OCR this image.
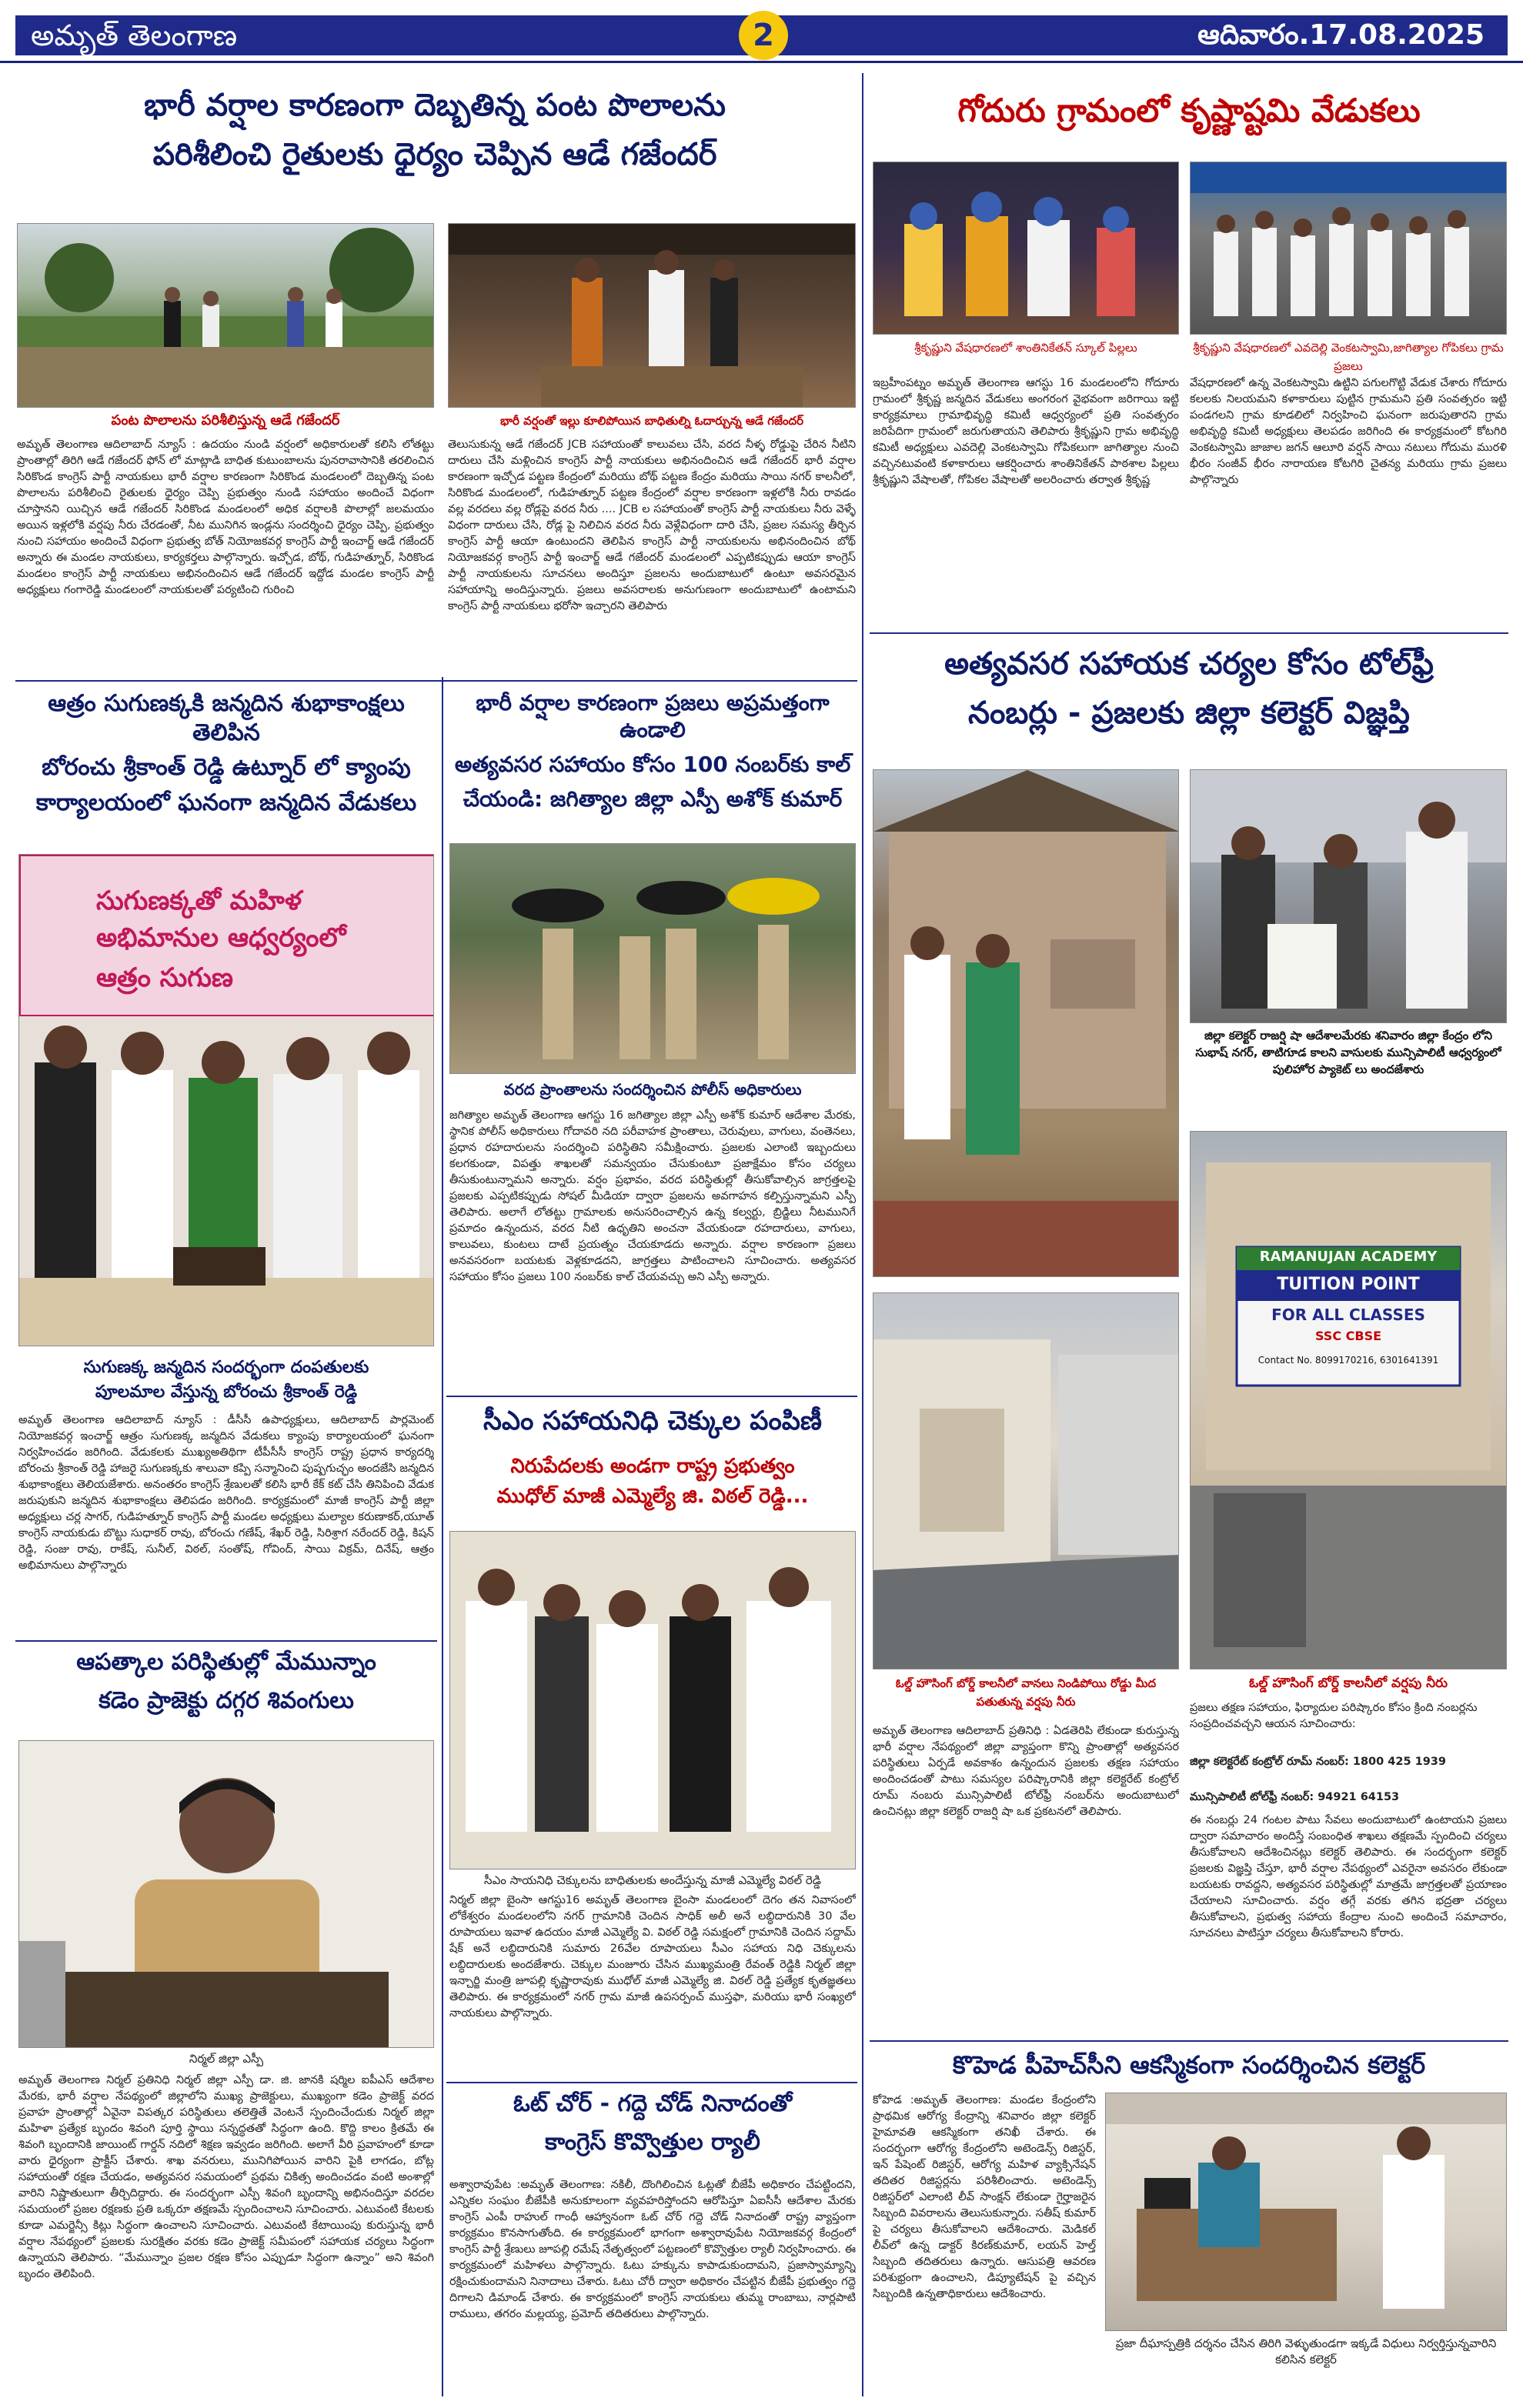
అమృత్ తెలంగాణ	2	ఆదివారం.17.08.2025
భారీ వర్షాల కారణంగా దెబ్బతిన్న పంట పొలాలను
పరిశీలించి రైతులకు ధైర్యం చెప్పిన ఆడే గజేందర్
పంట పొలాలను పరిశీలిస్తున్న ఆడే గజేందర్	భారీ వర్షంతో ఇల్లు కూలిపోయిన బాధితుల్ని ఓదార్చున్న ఆడే గజేందర్
అమృత్ తెలంగాణ ఆదిలాబాద్ న్యూస్ : ఉదయం నుండి వర్షంలో అధికారులతో కలిసి లోతట్టు ప్రాంతాల్లో తిరిగి ఆడే గజేందర్ ఫోన్ లో మాట్లాడి బాధిత కుటుంబాలను పునరావాసానికి తరలించిన సిరికొండ కాంగ్రెస్ పార్టీ నాయకులు భారీ వర్షాల కారణంగా సిరికొండ మండలంలో దెబ్బతిన్న పంట పొలాలను పరిశీలించి రైతులకు ధైర్యం చెప్పి ప్రభుత్వం నుండి సహాయం అందించే విధంగా చూస్తానని యిచ్చిన ఆడే గజేందర్ సిరికొండ మండలంలో అధిక వర్షాలకి పొలాల్లో జలమయం అయిన ఇళ్లలోకి వర్షపు నీరు చేరడంతో, నీట మునిగిన ఇండ్లను సందర్శించి ధైర్యం చెప్పి, ప్రభుత్వం నుంచి సహాయం అందించే విధంగా ప్రభుత్వ బోత్ నియోజకవర్గ కాంగ్రెస్ పార్టీ ఇంచార్జ్ ఆడే గజేందర్ అన్నారు ఈ మండల నాయకులు, కార్యకర్తలు పాల్గొన్నారు. ఇచ్చోడ, బోథ్, గుడిహత్నూర్, సిరికొండ మండలం కాంగ్రెస్ పార్టీ నాయకులు అభినందించిన ఆడే గజేందర్ ఇద్దోడ మండల కాంగ్రెస్ పార్టీ అధ్యక్షులు గంగారెడ్డి మండలంలో నాయకులతో పర్యటించి గురించి
తెలుసుకున్న ఆడే గజేందర్ JCB సహాయంతో కాలువలు చేసి, వరద నీళ్ళ రోడ్డుపై చేరిన నీటిని దారులు చేసి మళ్లించిన కాంగ్రెస్ పార్టీ నాయకులు అభినందించిన ఆడే గజేందర్ భారీ వర్షాల కారణంగా ఇచ్చోడ పట్టణ కేంద్రంలో మరియు బోథ్ పట్టణ కేంద్రం మరియు సాయి నగర్ కాలనీలో, సిరికొండ మండలంలో, గుడిహత్నూర్ పట్టణ కేంద్రంలో వర్షాల కారణంగా ఇళ్లలోకి నీరు రావడం వల్ల వరదలు వల్ల రోడ్లపై వరద నీరు .... JCB ల సహాయంతో కాంగ్రెస్ పార్టీ నాయకులు నీరు వెళ్ళే విధంగా దారులు చేసి, రోడ్ల పై నిలిచిన వరద నీరు వెళ్లేవిధంగా దారి చేసి, ప్రజల సమస్య తీర్చిన కాంగ్రెస్ పార్టీ ఆయా ఉంటుందని తెలిపిన కాంగ్రెస్ పార్టీ నాయకులను అభినందించిన బోథ్ నియోజకవర్గ కాంగ్రెస్ పార్టీ ఇంచార్జ్ ఆడే గజేందర్ మండలంలో ఎప్పటికప్పుడు ఆయా కాంగ్రెస్ పార్టీ నాయకులను సూచనలు అందిస్తూ ప్రజలను అందుబాటులో ఉంటూ అవసరమైన సహాయాన్ని అందిస్తున్నారు. ప్రజలు అవసరాలకు అనుగుణంగా అందుబాటులో ఉంటామని కాంగ్రెస్ పార్టీ నాయకులు భరోసా ఇచ్చారని తెలిపారు
గోదురు గ్రామంలో కృష్ణాష్టమి వేడుకలు
శ్రీకృష్ణుని వేషధారణలో శాంతినికేతన్ స్కూల్ పిల్లలు	శ్రీకృష్ణుని వేషధారణలో ఎవదెల్లి వెంకటస్వామి,జాగిత్యాల గోపికలు గ్రామ ప్రజలు
ఇబ్రహీంపట్నం అమృత్ తెలంగాణ ఆగస్టు 16 మండలంలోని గోదూరు గ్రామంలో శ్రీకృష్ణ జన్మదిన వేడుకలు అంగరంగ వైభవంగా జరిగాయి ఇట్టి కార్యక్రమాలు గ్రామాభివృద్ధి కమిటీ ఆధ్వర్యంలో ప్రతి సంవత్సరం జరిపేదిగా గ్రామంలో జరుగుతాయని తెలిపారు శ్రీకృష్ణుని గ్రామ అభివృద్ధి కమిటీ అధ్యక్షులు ఎవదెల్లి వెంకటస్వామి గోపికలుగా జాగిత్యాల నుంచి వచ్చినటువంటి కళాకారులు ఆకర్షించారు శాంతినికేతన్ పాఠశాల పిల్లలు శ్రీకృష్ణుని వేషాలతో, గోపికల వేషాలతో అలరించారు తర్వాత శ్రీకృష్ణ
వేషధారణలో ఉన్న వెంకటస్వామి ఉట్టిని పగులగొట్టి వేడుక చేశారు గోదూరు కలలకు నిలయమని కళాకారులు పుట్టిన గ్రామమని ప్రతి సంవత్సరం ఇట్టి పండగలని గ్రామ కూడలిలో నిర్వహించి ఘనంగా జరుపుతారని గ్రామ అభివృద్ధి కమిటీ అధ్యక్షులు తెలపడం జరిగింది ఈ కార్యక్రమంలో కోటగిరి వెంకటస్వామి జాజాల జగన్ ఆలూరి వర్షన్ సాయి నటులు గోదుమ మురళి భీరం సంజీవ్ భీరం నారాయణ కోటగిరి చైతన్య మరియు గ్రామ ప్రజలు పాల్గొన్నారు
అత్యవసర సహాయక చర్యల కోసం టోల్‌ఫ్రీ
నంబర్లు - ప్రజలకు జిల్లా కలెక్టర్ విజ్ఞప్తి
జిల్లా కలెక్టర్ రాజర్షి షా ఆదేశాలమేరకు శనివారం జిల్లా కేంద్రం లోని సుభాష్ నగర్, తాటిగూడ కాలని వాసులకు మున్సిపాలిటీ ఆధ్వర్యంలో పులిహోర ప్యాకెట్ లు అందజేశారు
RAMANUJAN ACADEMY
TUITION POINT
FOR ALL CLASSES
SSC CBSE
Contact No. 8099170216, 6301641391
ఓల్డ్ హౌసింగ్ బోర్డ్ కాలనీలో వర్షపు నీరు
ఓల్డ్ హౌసింగ్ బోర్డ్ కాలనీలో వానలు నిండిపోయి రోడ్డు మీద పతుతున్న వర్షపు నీరు	ప్రజలు తక్షణ సహాయం, ఫిర్యాదుల పరిష్కారం కోసం క్రింది నంబర్లను సంప్రదించవచ్చని ఆయన సూచించారు:
జిల్లా కలెక్టరేట్ కంట్రోల్ రూమ్ నంబర్: 1800 425 1939
మున్సిపాలిటీ టోల్‌ఫ్రీ నంబర్: 94921 64153
అమృత్ తెలంగాణ ఆదిలాబాద్ ప్రతినిధి : ఏడతెరిపి లేకుండా కురుస్తున్న భారీ వర్షాల నేపథ్యంలో జిల్లా వ్యాప్తంగా కొన్ని ప్రాంతాల్లో అత్యవసర పరిస్థితులు ఏర్పడే అవకాశం ఉన్నందున ప్రజలకు తక్షణ సహాయం అందించడంతో పాటు సమస్యల పరిష్కారానికి జిల్లా కలెక్టరేట్ కంట్రోల్ రూమ్ నంబరు మున్సిపాలిటీ టోల్‌ఫ్రీ నంబర్‌ను అందుబాటులో ఉంచినట్లు జిల్లా కలెక్టర్ రాజర్షి షా ఒక ప్రకటనలో తెలిపారు.
ఈ నంబర్లు 24 గంటల పాటు సేవలు అందుబాటులో ఉంటాయని ప్రజలు ద్వారా సమాచారం అందిస్తే సంబంధిత శాఖలు తక్షణమే స్పందించి చర్యలు తీసుకోవాలని ఆదేశించినట్లు కలెక్టర్ తెలిపారు. ఈ సందర్భంగా కలెక్టర్ ప్రజలకు విజ్ఞప్తి చేస్తూ, భారీ వర్షాల నేపథ్యంలో ఎవరైనా అవసరం లేకుండా బయటకు రావద్దని, అత్యవసర పరిస్థితుల్లో మాత్రమే జాగ్రత్తలతో ప్రయాణం చేయాలని సూచించారు. వర్షం తగ్గే వరకు తగిన భద్రతా చర్యలు తీసుకోవాలని, ప్రభుత్వ సహాయ కేంద్రాల నుంచి అందించే సమాచారం, సూచనలు పాటిస్తూ చర్యలు తీసుకోవాలని కోరారు.
కొహెడ పీహెచ్‌సీని ఆకస్మికంగా సందర్శించిన కలెక్టర్
కోహెడ :అమృత్ తెలంగాణ: మండల కేంద్రంలోని ప్రాథమిక ఆరోగ్య కేంద్రాన్ని శనివారం జిల్లా కలెక్టర్ హైమావతి ఆకస్మికంగా తనిఖీ చేశారు. ఈ సందర్భంగా ఆరోగ్య కేంద్రంలోని అటెండెన్స్ రిజిస్టర్, ఇన్ పేషెంట్ రిజిస్టర్, ఆరోగ్య మహిళ వ్యాక్సినేషన్ తదితర రిజిస్టర్లను పరిశీలించారు. అటెండెన్స్ రిజిస్టర్‌లో ఎలాంటి లీవ్ సాంక్షన్ లేకుండా గైర్హాజరైన సిబ్బంది వివరాలను తెలుసుకున్నారు. సతీష్ కుమార్ పై చర్యలు తీసుకోవాలని ఆదేశించారు. మెడికల్ లీవ్‌లో ఉన్న డాక్టర్ కిరణ్‌కుమార్, లయన్ హెల్త్ సిబ్బంది తదితరులు ఉన్నారు. ఆసుపత్రి ఆవరణ పరిశుభ్రంగా ఉంచాలని, డిప్యూటేషన్ పై వచ్చిన సిబ్బందికి ఉన్నతాధికారులు ఆదేశించారు.
ప్రజా దీఘాస్పత్రికి దర్శనం చేసిన తిరిగి వెళ్ళుతుండగా ఇక్కడే విధులు నిర్వర్తిస్తున్నవారిని కలిసిన కలెక్టర్
ఆత్రం సుగుణక్కకి జన్మదిన శుభాకాంక్షలు తెలిపిన
బోరంచు శ్రీకాంత్ రెడ్డి ఉట్నూర్ లో క్యాంపు
కార్యాలయంలో ఘనంగా జన్మదిన వేడుకలు
సుగుణక్కతో మహిళ అభిమానుల ఆధ్వర్యంలో
ఆత్రం సుగుణ
సుగుణక్క జన్మదిన సందర్భంగా దంపతులకు
పూలమాల వేస్తున్న బోరంచు శ్రీకాంత్ రెడ్డి
అమృత్ తెలంగాణ ఆదిలాబాద్ న్యూస్ : డీసీసీ ఉపాధ్యక్షులు, ఆదిలాబాద్ పార్లమెంట్ నియోజకవర్గ ఇంచార్జ్ ఆత్రం సుగుణక్క జన్మదిన వేడుకలు క్యాంపు కార్యాలయంలో ఘనంగా నిర్వహించడం జరిగింది. వేడుకలకు ముఖ్యఅతిథిగా టీపీసీసీ కాంగ్రెస్ రాష్ట్ర ప్రధాన కార్యదర్శి బోరంచు శ్రీకాంత్ రెడ్డి హాజరై సుగుణక్కకు శాలువా కప్పి సన్మానించి పుష్పగుచ్ఛం అందజేసి జన్మదిన శుభాకాంక్షలు తెలియజేశారు. అనంతరం కాంగ్రెస్ శ్రేణులతో కలిసి భారీ కేక్ కట్ చేసి తినిపించి వేడుక జరుపుకుని జన్మదిన శుభాకాంక్షలు తెలిపడం జరిగింది. కార్యక్రమంలో మాజీ కాంగ్రెస్ పార్టీ జిల్లా అధ్యక్షులు చర్ల సాగర్, గుడిహత్నూర్ కాంగ్రెస్ పార్టీ మండల అధ్యక్షులు మల్యాల కరుణాకర్,యూత్ కాంగ్రెస్ నాయకుడు బొట్టు సుధాకర్ రావు, బోరంచు గణేష్, శేఖర్ రెడ్డి, సిరిశ్రాగ నరేందర్ రెడ్డి, కిషన్ రెడ్డి, సంజు రావు, రాకేష్, సునీల్, విఠల్, సంతోష్, గోవింద్, సాయి విక్రమ్, దినేష్, ఆత్రం అభిమానులు పాల్గొన్నారు
ఆపత్కాల పరిస్థితుల్లో మేమున్నాం
కడెం ప్రాజెక్టు దగ్గర శివంగులు
నిర్మల్ జిల్లా ఎస్పీ
అమృత్ తెలంగాణ నిర్మల్ ప్రతినిధి నిర్మల్ జిల్లా ఎస్పీ డా. జి. జానకి షర్మిల ఐపీఎస్ ఆదేశాల మేరకు, భారీ వర్షాల నేపథ్యంలో జిల్లాలోని ముఖ్య ప్రాజెక్టులు, ముఖ్యంగా కడెం ప్రాజెక్ట్ వరద ప్రవాహ ప్రాంతాల్లో ఏవైనా విపత్కర పరిస్థితులు తలెత్తితే వెంటనే స్పందించేందుకు నిర్మల్ జిల్లా మహిళా ప్రత్యేక బృందం శివంగి పూర్తి స్థాయి సన్నద్ధతతో సిద్ధంగా ఉంది. కొద్ది కాలం క్రితమే ఈ శివంగి బృందానికి జాయింట్ గార్డన్ నదిలో శిక్షణ ఇవ్వడం జరిగింది. అలాగే వీరి ప్రవాహంలో కూడా వారు ధైర్యంగా ప్రాక్టీస్ చేశారు. శాఖ వనరులు, మునిగిపోయిన వారిని పైకి లాగడం, బోట్ల సహాయంతో రక్షణ చేయడం, అత్యవసర సమయంలో ప్రథమ చికిత్స అందించడం వంటి అంశాల్లో వారిని నిష్ణాతులుగా తీర్చిదిద్దారు. ఈ సందర్భంగా ఎస్పీ శివంగి బృందాన్ని అభినందిస్తూ వరదల సమయంలో ప్రజల రక్షణకు ప్రతి ఒక్కరూ తక్షణమే స్పందించాలని సూచించారు. ఎటువంటి కేటలకు కూడా ఎమర్జెన్సీ కిట్లు సిద్ధంగా ఉంచాలని సూచించారు. ఎటువంటి కేటాయింపు కురుస్తున్న భారీ వర్షాల నేపథ్యంలో ప్రజలకు సురక్షితం వరకు కడెం ప్రాజెక్ట్ సమీపంలో సహాయక చర్యలు సిద్ధంగా ఉన్నాయని తెలిపారు. “మేమున్నాం ప్రజల రక్షణ కోసం ఎప్పుడూ సిద్ధంగా ఉన్నాం” అని శివంగి బృందం తెలిపింది.
భారీ వర్షాల కారణంగా ప్రజలు అప్రమత్తంగా ఉండాలి
అత్యవసర సహాయం కోసం 100 నంబర్‌కు కాల్
చేయండి: జగిత్యాల జిల్లా ఎస్పీ అశోక్ కుమార్
వరద ప్రాంతాలను సందర్శించిన పోలీస్ అధికారులు
జగిత్యాల అమృత్ తెలంగాణ ఆగస్టు 16 జగిత్యాల జిల్లా ఎస్పీ అశోక్ కుమార్ ఆదేశాల మేరకు, స్థానిక పోలీస్ అధికారులు గోదావరి నది పరీవాహక ప్రాంతాలు, చెరువులు, వాగులు, వంతెనలు, ప్రధాన రహదారులను సందర్శించి పరిస్థితిని సమీక్షించారు. ప్రజలకు ఎలాంటి ఇబ్బందులు కలగకుండా, విపత్తు శాఖలతో సమన్వయం చేసుకుంటూ ప్రజాక్షేమం కోసం చర్యలు తీసుకుంటున్నామని అన్నారు. వర్షం ప్రభావం, వరద పరిస్థితుల్లో తీసుకోవాల్సిన జాగ్రత్తలపై ప్రజలకు ఎప్పటికప్పుడు సోషల్ మీడియా ద్వారా ప్రజలను అవగాహన కల్పిస్తున్నామని ఎస్పీ తెలిపారు. అలాగే లోతట్టు గ్రామాలకు అనుసరించాల్సిన ఉన్న కల్వర్టు, బ్రిడ్జిలు నీటమునిగే ప్రమాదం ఉన్నందున, వరద నీటి ఉధృతిని అంచనా వేయకుండా రహదారులు, వాగులు, కాలువలు, కుంటలు దాటే ప్రయత్నం చేయకూడదు అన్నారు. వర్షాల కారణంగా ప్రజలు అనవసరంగా బయటకు వెళ్లకూడదని, జాగ్రత్తలు పాటించాలని సూచించారు. అత్యవసర సహాయం కోసం ప్రజలు 100 నంబర్‌కు కాల్ చేయవచ్చు అని ఎస్పీ అన్నారు.
సీఎం సహాయనిధి చెక్కుల పంపిణీ
నిరుపేదలకు అండగా రాష్ట్ర ప్రభుత్వం
ముధోల్ మాజీ ఎమ్మెల్యే జి. విఠల్ రెడ్డి...
సీఎం సాయనిధి చెక్కులను బాధితులకు అందేస్తున్న మాజీ ఎమ్మెల్యే విఠల్ రెడ్డి
నిర్మల్ జిల్లా బైంసా ఆగస్టు16 అమృత్ తెలంగాణ బైంసా మండలంలో దెగం తన నివాసంలో లోకేశ్వరం మండలంలోని నగర్ గ్రామానికి చెందిన సాధిక్ అలీ అనే లబ్ధిదారునికి 30 వేల రూపాయలు ఇవాళ ఉదయం మాజీ ఎమ్మెల్యే వి. విఠల్ రెడ్డి సమక్షంలో గ్రామానికి చెందిన సద్దామ్ షేక్ అనే లబ్ధిదారునికి సుమారు 26వేల రూపాయలు సీఎం సహాయ నిధి చెక్కులను లబ్ధిదారులకు అందజేశారు. చెక్కుల మంజూరు చేసిన ముఖ్యమంత్రి రేవంత్ రెడ్డికి నిర్మల్ జిల్లా ఇన్చార్జి మంత్రి జూపల్లి కృష్ణారావుకు ముధోల్ మాజీ ఎమ్మెల్యే జి. విఠల్ రెడ్డి ప్రత్యేక కృతజ్ఞతలు తెలిపారు. ఈ కార్యక్రమంలో నగర్ గ్రామ మాజీ ఉపసర్పంచ్ ముస్తఫా, మరియు భారీ సంఖ్యలో నాయకులు పాల్గొన్నారు.
ఓట్ చోర్ - గద్దె చోడ్ నినాదంతో
కాంగ్రెస్ కొవ్వొత్తుల ర్యాలీ
అశ్వారావుపేట :అమృత్ తెలంగాణ: నకిలీ, దొంగిలించిన ఓట్లతో బీజేపీ అధికారం చేపట్టిందని, ఎన్నికల సంఘం బీజేపీకి అనుకూలంగా వ్యవహరిస్తోందని ఆరోపిస్తూ ఏఐసీసీ ఆదేశాల మేరకు కాంగ్రెస్ ఎంపీ రాహుల్ గాంధీ ఆహ్వానంగా ఓట్ చోర్ గద్దె చోడ్ నినాదంతో రాష్ట్ర వ్యాప్తంగా కార్యక్రమం కొనసాగుతోంది. ఈ కార్యక్రమంలో భాగంగా అశ్వారావుపేట నియోజకవర్గ కేంద్రంలో కాంగ్రెస్ పార్టీ శ్రేణులు జూపల్లి రమేష్ నేతృత్వంలో పట్టణంలో కొవ్వొత్తుల ర్యాలీ నిర్వహించారు. ఈ కార్యక్రమంలో మహిళలు పాల్గొన్నారు. ఓటు హక్కును కాపాడుకుందామని, ప్రజాస్వామ్యాన్ని రక్షించుకుందామని నినాదాలు చేశారు. ఓటు చోరీ ద్వారా అధికారం చేపట్టిన బీజేపీ ప్రభుత్వం గద్దె దిగాలని డిమాండ్ చేశారు. ఈ కార్యక్రమంలో కాంగ్రెస్ నాయకులు తుమ్మ రాంబాబు, నార్లపాటి రాములు, తగరం మల్లయ్య, ప్రమోద్ తదితరులు పాల్గొన్నారు.
